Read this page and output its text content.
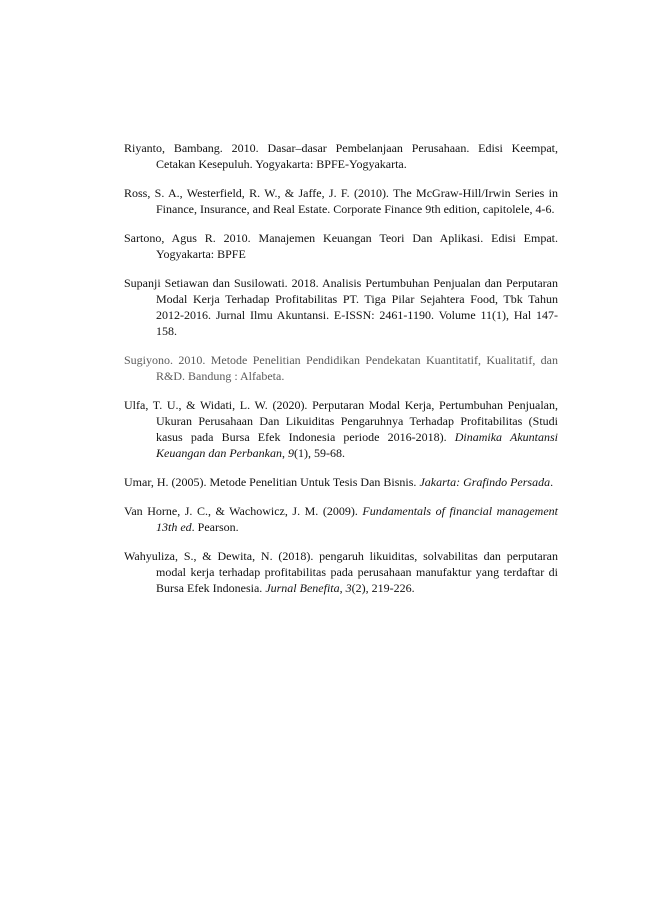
Riyanto, Bambang. 2010. Dasar–dasar Pembelanjaan Perusahaan. Edisi Keempat, Cetakan Kesepuluh. Yogyakarta: BPFE-Yogyakarta.

Ross, S. A., Westerfield, R. W., & Jaffe, J. F. (2010). The McGraw-Hill/Irwin Series in Finance, Insurance, and Real Estate. Corporate Finance 9th edition, capitolele, 4-6.

Sartono, Agus R. 2010. Manajemen Keuangan Teori Dan Aplikasi. Edisi Empat. Yogyakarta: BPFE

Supanji Setiawan dan Susilowati. 2018. Analisis Pertumbuhan Penjualan dan Perputaran Modal Kerja Terhadap Profitabilitas PT. Tiga Pilar Sejahtera Food, Tbk Tahun 2012-2016. Jurnal Ilmu Akuntansi. E-ISSN: 2461-1190. Volume 11(1), Hal 147-158.

Sugiyono. 2010. Metode Penelitian Pendidikan Pendekatan Kuantitatif, Kualitatif, dan R&D. Bandung : Alfabeta.

Ulfa, T. U., & Widati, L. W. (2020). Perputaran Modal Kerja, Pertumbuhan Penjualan, Ukuran Perusahaan Dan Likuiditas Pengaruhnya Terhadap Profitabilitas (Studi kasus pada Bursa Efek Indonesia periode 2016-2018). Dinamika Akuntansi Keuangan dan Perbankan, 9(1), 59-68.

Umar, H. (2005). Metode Penelitian Untuk Tesis Dan Bisnis. Jakarta: Grafindo Persada.

Van Horne, J. C., & Wachowicz, J. M. (2009). Fundamentals of financial management 13th ed. Pearson.

Wahyuliza, S., & Dewita, N. (2018). pengaruh likuiditas, solvabilitas dan perputaran modal kerja terhadap profitabilitas pada perusahaan manufaktur yang terdaftar di Bursa Efek Indonesia. Jurnal Benefita, 3(2), 219-226.
